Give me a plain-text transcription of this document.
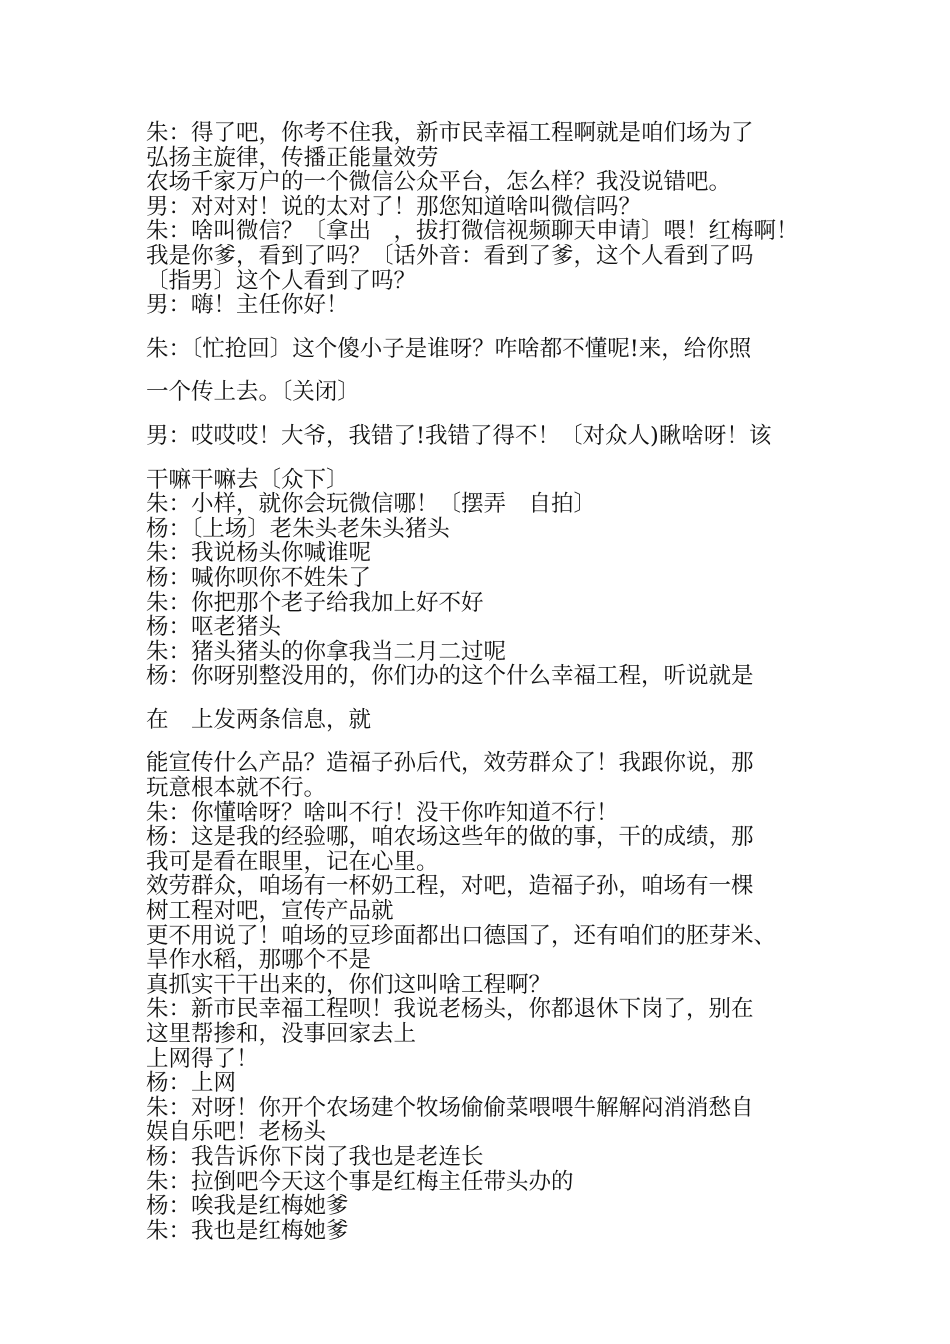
朱：得了吧，你考不住我，新市民幸福工程啊就是咱们场为了
弘扬主旋律，传播正能量效劳
农场千家万户的一个微信公众平台，怎么样？我没说错吧。
男：对对对！说的太对了！那您知道啥叫微信吗？
朱：啥叫微信？〔拿出　，拔打微信视频聊天申请〕喂！红梅啊！
我是你爹，看到了吗？〔话外音：看到了爹，这个人看到了吗
〔指男〕这个人看到了吗？
男：嗨！主任你好！
朱：〔忙抢回〕这个傻小子是谁呀？咋啥都不懂呢!来，给你照
一个传上去。〔关闭〕
男：哎哎哎！大爷，我错了!我错了得不！〔对众人)瞅啥呀！该
干嘛干嘛去〔众下〕
朱：小样，就你会玩微信哪！〔摆弄　自拍〕
杨：〔上场〕老朱头老朱头猪头
朱：我说杨头你喊谁呢
杨：喊你呗你不姓朱了
朱：你把那个老子给我加上好不好
杨：呕老猪头
朱：猪头猪头的你拿我当二月二过呢
杨：你呀别整没用的，你们办的这个什么幸福工程，听说就是
在　上发两条信息，就
能宣传什么产品？造福子孙后代，效劳群众了！我跟你说，那
玩意根本就不行。
朱：你懂啥呀？啥叫不行！没干你咋知道不行！
杨：这是我的经验哪，咱农场这些年的做的事，干的成绩，那
我可是看在眼里，记在心里。
效劳群众，咱场有一杯奶工程，对吧，造福子孙，咱场有一棵
树工程对吧，宣传产品就
更不用说了！咱场的豆珍面都出口德国了，还有咱们的胚芽米、
旱作水稻，那哪个不是
真抓实干干出来的，你们这叫啥工程啊？
朱：新市民幸福工程呗！我说老杨头，你都退休下岗了，别在
这里帮掺和，没事回家去上
上网得了！
杨：上网
朱：对呀！你开个农场建个牧场偷偷菜喂喂牛解解闷消消愁自
娱自乐吧！老杨头
杨：我告诉你下岗了我也是老连长
朱：拉倒吧今天这个事是红梅主任带头办的
杨：唉我是红梅她爹
朱：我也是红梅她爹
